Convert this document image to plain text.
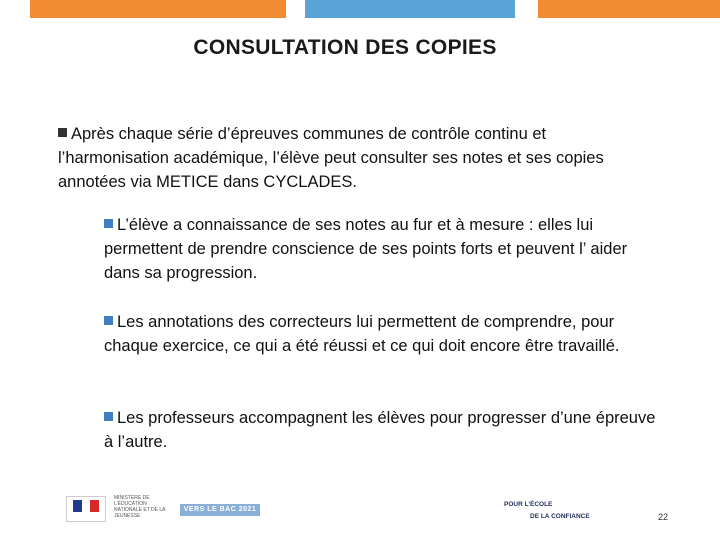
CONSULTATION DES COPIES
Après chaque série d’épreuves communes de contrôle continu et l’harmonisation académique, l’élève peut consulter ses notes et ses copies annotées via METICE dans CYCLADES.
L’élève a connaissance de ses notes au fur et à mesure : elles lui permettent de prendre conscience de ses points forts et peuvent l’ aider dans sa progression.
Les annotations des correcteurs lui permettent de comprendre, pour chaque exercice, ce qui a été réussi et ce qui doit encore être travaillé.
Les professeurs accompagnent les élèves pour progresser d’une épreuve à l’autre.
MINISTÈRE DE L’ÉDUCATION NATIONALE ET DE LA JEUNESSE
VERS LE BAC 2021
POUR L’ÉCOLE
DE LA CONFIANCE	22
